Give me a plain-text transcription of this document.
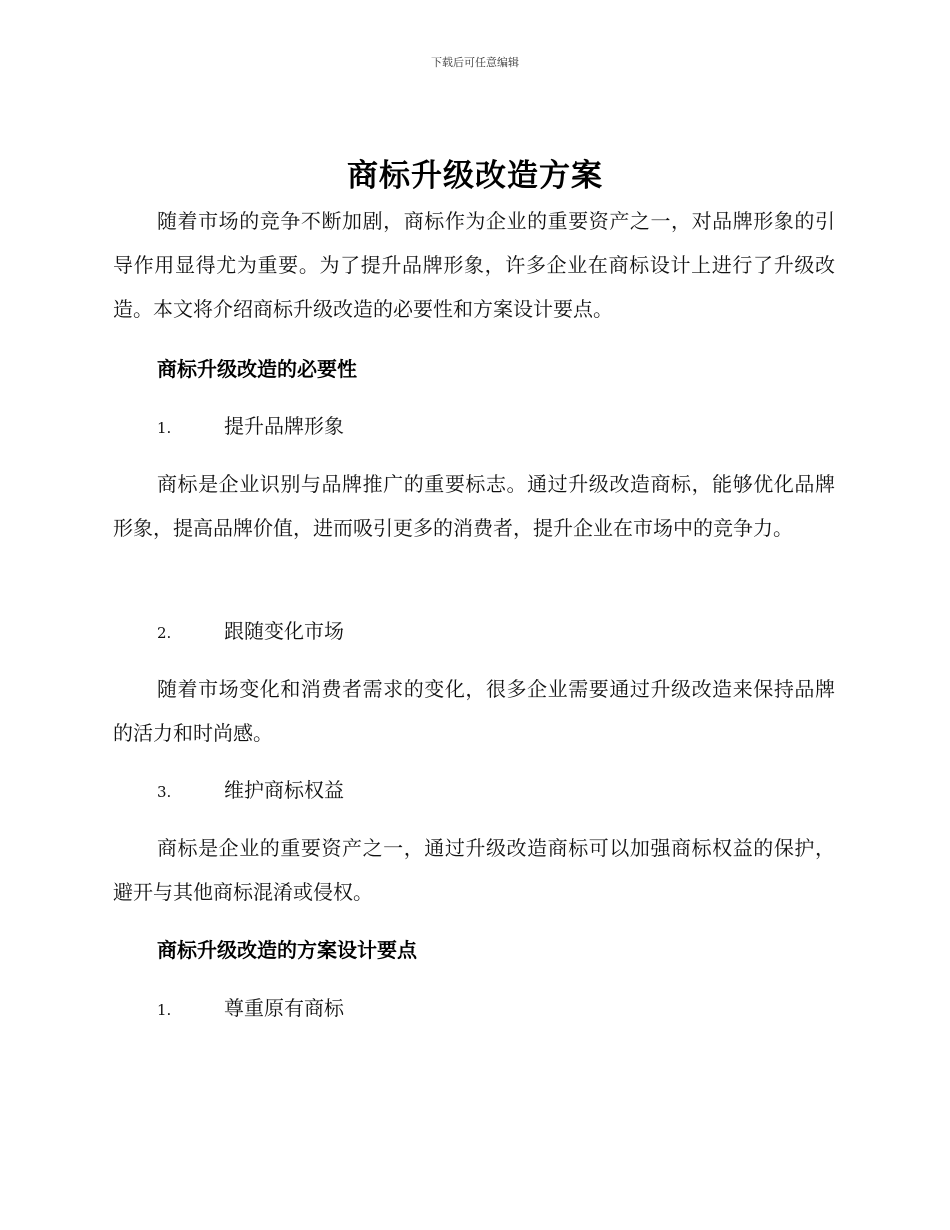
下载后可任意编辑
商标升级改造方案
随着市场的竞争不断加剧，商标作为企业的重要资产之一，对品牌形象的引导作用显得尤为重要。为了提升品牌形象，许多企业在商标设计上进行了升级改造。本文将介绍商标升级改造的必要性和方案设计要点。
商标升级改造的必要性
1.	提升品牌形象
商标是企业识别与品牌推广的重要标志。通过升级改造商标，能够优化品牌形象，提高品牌价值，进而吸引更多的消费者，提升企业在市场中的竞争力。
2.	跟随变化市场
随着市场变化和消费者需求的变化，很多企业需要通过升级改造来保持品牌的活力和时尚感。
3.	维护商标权益
商标是企业的重要资产之一，通过升级改造商标可以加强商标权益的保护，避开与其他商标混淆或侵权。
商标升级改造的方案设计要点
1.	尊重原有商标
